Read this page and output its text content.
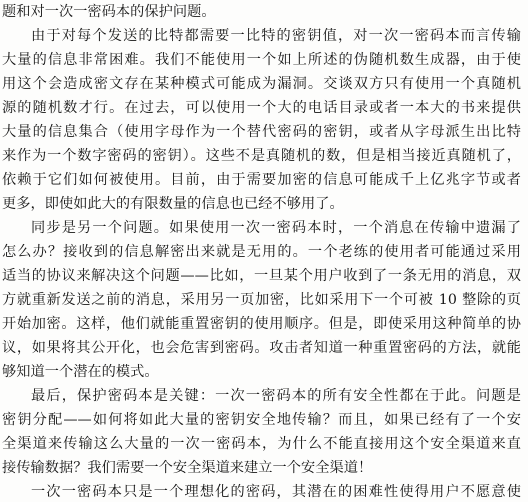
题和对一次一密码本的保护问题。
由于对每个发送的比特都需要一比特的密钥值，对一次一密码本而言传输
大量的信息非常困难。我们不能使用一个如上所述的伪随机数生成器，由于使
用这个会造成密文存在某种模式可能成为漏洞。交谈双方只有使用一个真随机
源的随机数才行。在过去，可以使用一个大的电话目录或者一本大的书来提供
大量的信息集合（使用字母作为一个替代密码的密钥，或者从字母派生出比特
来作为一个数字密码的密钥）。这些不是真随机的数，但是相当接近真随机了，
依赖于它们如何被使用。目前，由于需要加密的信息可能成千上亿兆字节或者
更多，即使如此大的有限数量的信息也已经不够用了。
同步是另一个问题。如果使用一次一密码本时，一个消息在传输中遗漏了
怎么办？接收到的信息解密出来就是无用的。一个老练的使用者可能通过采用
适当的协议来解决这个问题——比如，一旦某个用户收到了一条无用的消息，双
方就重新发送之前的消息，采用另一页加密，比如采用下一个可被 10 整除的页
开始加密。这样，他们就能重置密钥的使用顺序。但是，即使采用这种简单的协
议，如果将其公开化，也会危害到密码。攻击者知道一种重置密码的方法，就能
够知道一个潜在的模式。
最后，保护密码本是关键：一次一密码本的所有安全性都在于此。问题是
密钥分配——如何将如此大量的密钥安全地传输？而且，如果已经有了一个安
全渠道来传输这么大量的一次一密码本，为什么不能直接用这个安全渠道来直
接传输数据？我们需要一个安全渠道来建立一个安全渠道！
一次一密码本只是一个理想化的密码，其潜在的困难性使得用户不愿意使
